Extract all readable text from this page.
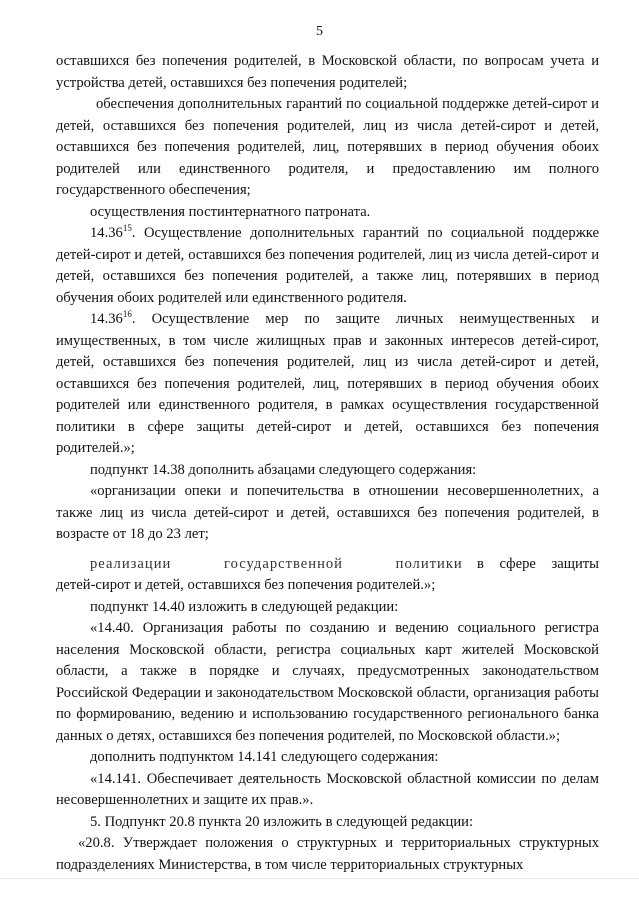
5

оставшихся без попечения родителей, в Московской области, по вопросам учета и устройства детей, оставшихся без попечения родителей;

обеспечения дополнительных гарантий по социальной поддержке детей-сирот и детей, оставшихся без попечения родителей, лиц из числа детей-сирот и детей, оставшихся без попечения родителей, лиц, потерявших в период обучения обоих родителей или единственного родителя, и предоставлению им полного государственного обеспечения;

осуществления постинтернатного патроната.

14.36$^{15}$. Осуществление дополнительных гарантий по социальной поддержке детей-сирот и детей, оставшихся без попечения родителей, лиц из числа детей-сирот и детей, оставшихся без попечения родителей, а также лиц, потерявших в период обучения обоих родителей или единственного родителя.

14.36$^{16}$. Осуществление мер по защите личных неимущественных и имущественных, в том числе жилищных прав и законных интересов детей-сирот, детей, оставшихся без попечения родителей, лиц из числа детей-сирот и детей, оставшихся без попечения родителей, лиц, потерявших в период обучения обоих родителей или единственного родителя, в рамках осуществления государственной политики в сфере защиты детей-сирот и детей, оставшихся без попечения родителей.»;

подпункт 14.38 дополнить абзацами следующего содержания:

«организации опеки и попечительства в отношении несовершеннолетних, а также лиц из числа детей-сирот и детей, оставшихся без попечения родителей, в возрасте от 18 до 23 лет;

реализации государственной политики в сфере защиты

детей-сирот и детей, оставшихся без попечения родителей.»;

подпункт 14.40 изложить в следующей редакции:

«14.40. Организация работы по созданию и ведению социального регистра населения Московской области, регистра социальных карт жителей Московской области, а также в порядке и случаях, предусмотренных законодательством Российской Федерации и законодательством Московской области, организация работы по формированию, ведению и использованию государственного регионального банка данных о детях, оставшихся без попечения родителей, по Московской области.»;

дополнить подпунктом 14.141 следующего содержания:

«14.141. Обеспечивает деятельность Московской областной комиссии по делам несовершеннолетних и защите их прав.».

5. Подпункт 20.8 пункта 20 изложить в следующей редакции:

«20.8. Утверждает положения о структурных и территориальных структурных подразделениях Министерства, в том числе территориальных структурных
